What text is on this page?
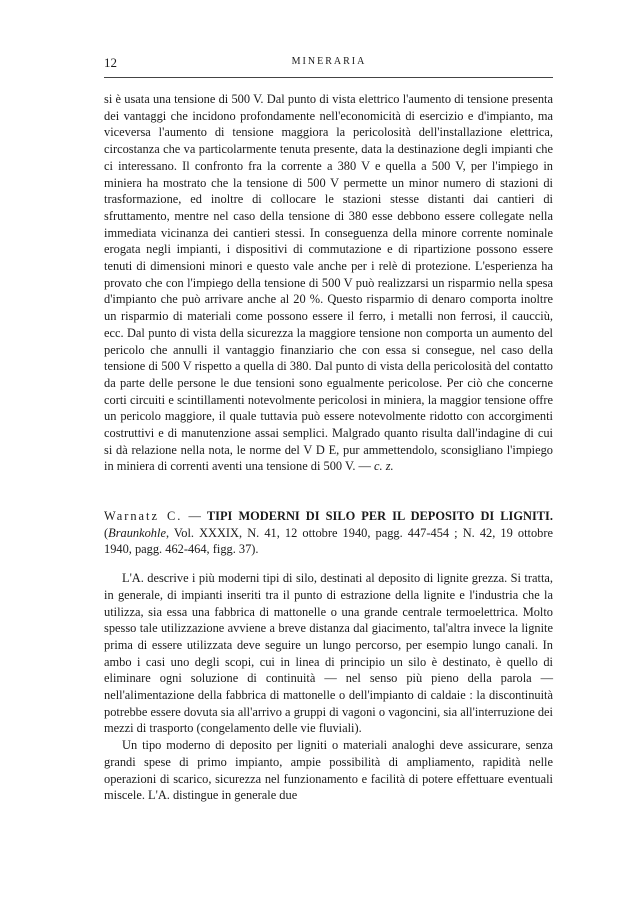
12	MINERARIA

si è usata una tensione di 500 V. Dal punto di vista elettrico l'aumento di tensione presenta dei vantaggi che incidono profondamente nell'economicità di esercizio e d'impianto, ma viceversa l'aumento di tensione maggiora la pericolosità dell'installazione elettrica, circostanza che va particolarmente tenuta presente, data la destinazione degli impianti che ci interessano. Il confronto fra la corrente a 380 V e quella a 500 V, per l'impiego in miniera ha mostrato che la tensione di 500 V permette un minor numero di stazioni di trasformazione, ed inoltre di collocare le stazioni stesse distanti dai cantieri di sfruttamento, mentre nel caso della tensione di 380 esse debbono essere collegate nella immediata vicinanza dei cantieri stessi. In conseguenza della minore corrente nominale erogata negli impianti, i dispositivi di commutazione e di ripartizione possono essere tenuti di dimensioni minori e questo vale anche per i relè di protezione. L'esperienza ha provato che con l'impiego della tensione di 500 V può realizzarsi un risparmio nella spesa d'impianto che può arrivare anche al 20 %. Questo risparmio di denaro comporta inoltre un risparmio di materiali come possono essere il ferro, i metalli non ferrosi, il caucciù, ecc. Dal punto di vista della sicurezza la maggiore tensione non comporta un aumento del pericolo che annulli il vantaggio finanziario che con essa si consegue, nel caso della tensione di 500 V rispetto a quella di 380. Dal punto di vista della pericolosità del contatto da parte delle persone le due tensioni sono egualmente pericolose. Per ciò che concerne corti circuiti e scintillamenti notevolmente pericolosi in miniera, la maggior tensione offre un pericolo maggiore, il quale tuttavia può essere notevolmente ridotto con accorgimenti costruttivi e di manutenzione assai semplici. Malgrado quanto risulta dall'indagine di cui si dà relazione nella nota, le norme del V D E, pur ammettendolo, sconsigliano l'impiego in miniera di correnti aventi una tensione di 500 V. — c. z.

Warnatz C. — TIPI MODERNI DI SILO PER IL DEPOSITO DI LIGNITI. (Braunkohle, Vol. XXXIX, N. 41, 12 ottobre 1940, pagg. 447-454 ; N. 42, 19 ottobre 1940, pagg. 462-464, figg. 37).

L'A. descrive i più moderni tipi di silo, destinati al deposito di lignite grezza. Si tratta, in generale, di impianti inseriti tra il punto di estrazione della lignite e l'industria che la utilizza, sia essa una fabbrica di mattonelle o una grande centrale termoelettrica. Molto spesso tale utilizzazione avviene a breve distanza dal giacimento, tal'altra invece la lignite prima di essere utilizzata deve seguire un lungo percorso, per esempio lungo canali. In ambo i casi uno degli scopi, cui in linea di principio un silo è destinato, è quello di eliminare ogni soluzione di continuità — nel senso più pieno della parola — nell'alimentazione della fabbrica di mattonelle o dell'impianto di caldaie : la discontinuità potrebbe essere dovuta sia all'arrivo a gruppi di vagoni o vagoncini, sia all'interruzione dei mezzi di trasporto (congelamento delle vie fluviali).

Un tipo moderno di deposito per ligniti o materiali analoghi deve assicurare, senza grandi spese di primo impianto, ampie possibilità di ampliamento, rapidità nelle operazioni di scarico, sicurezza nel funzionamento e facilità di potere effettuare eventuali miscele. L'A. distingue in generale due
